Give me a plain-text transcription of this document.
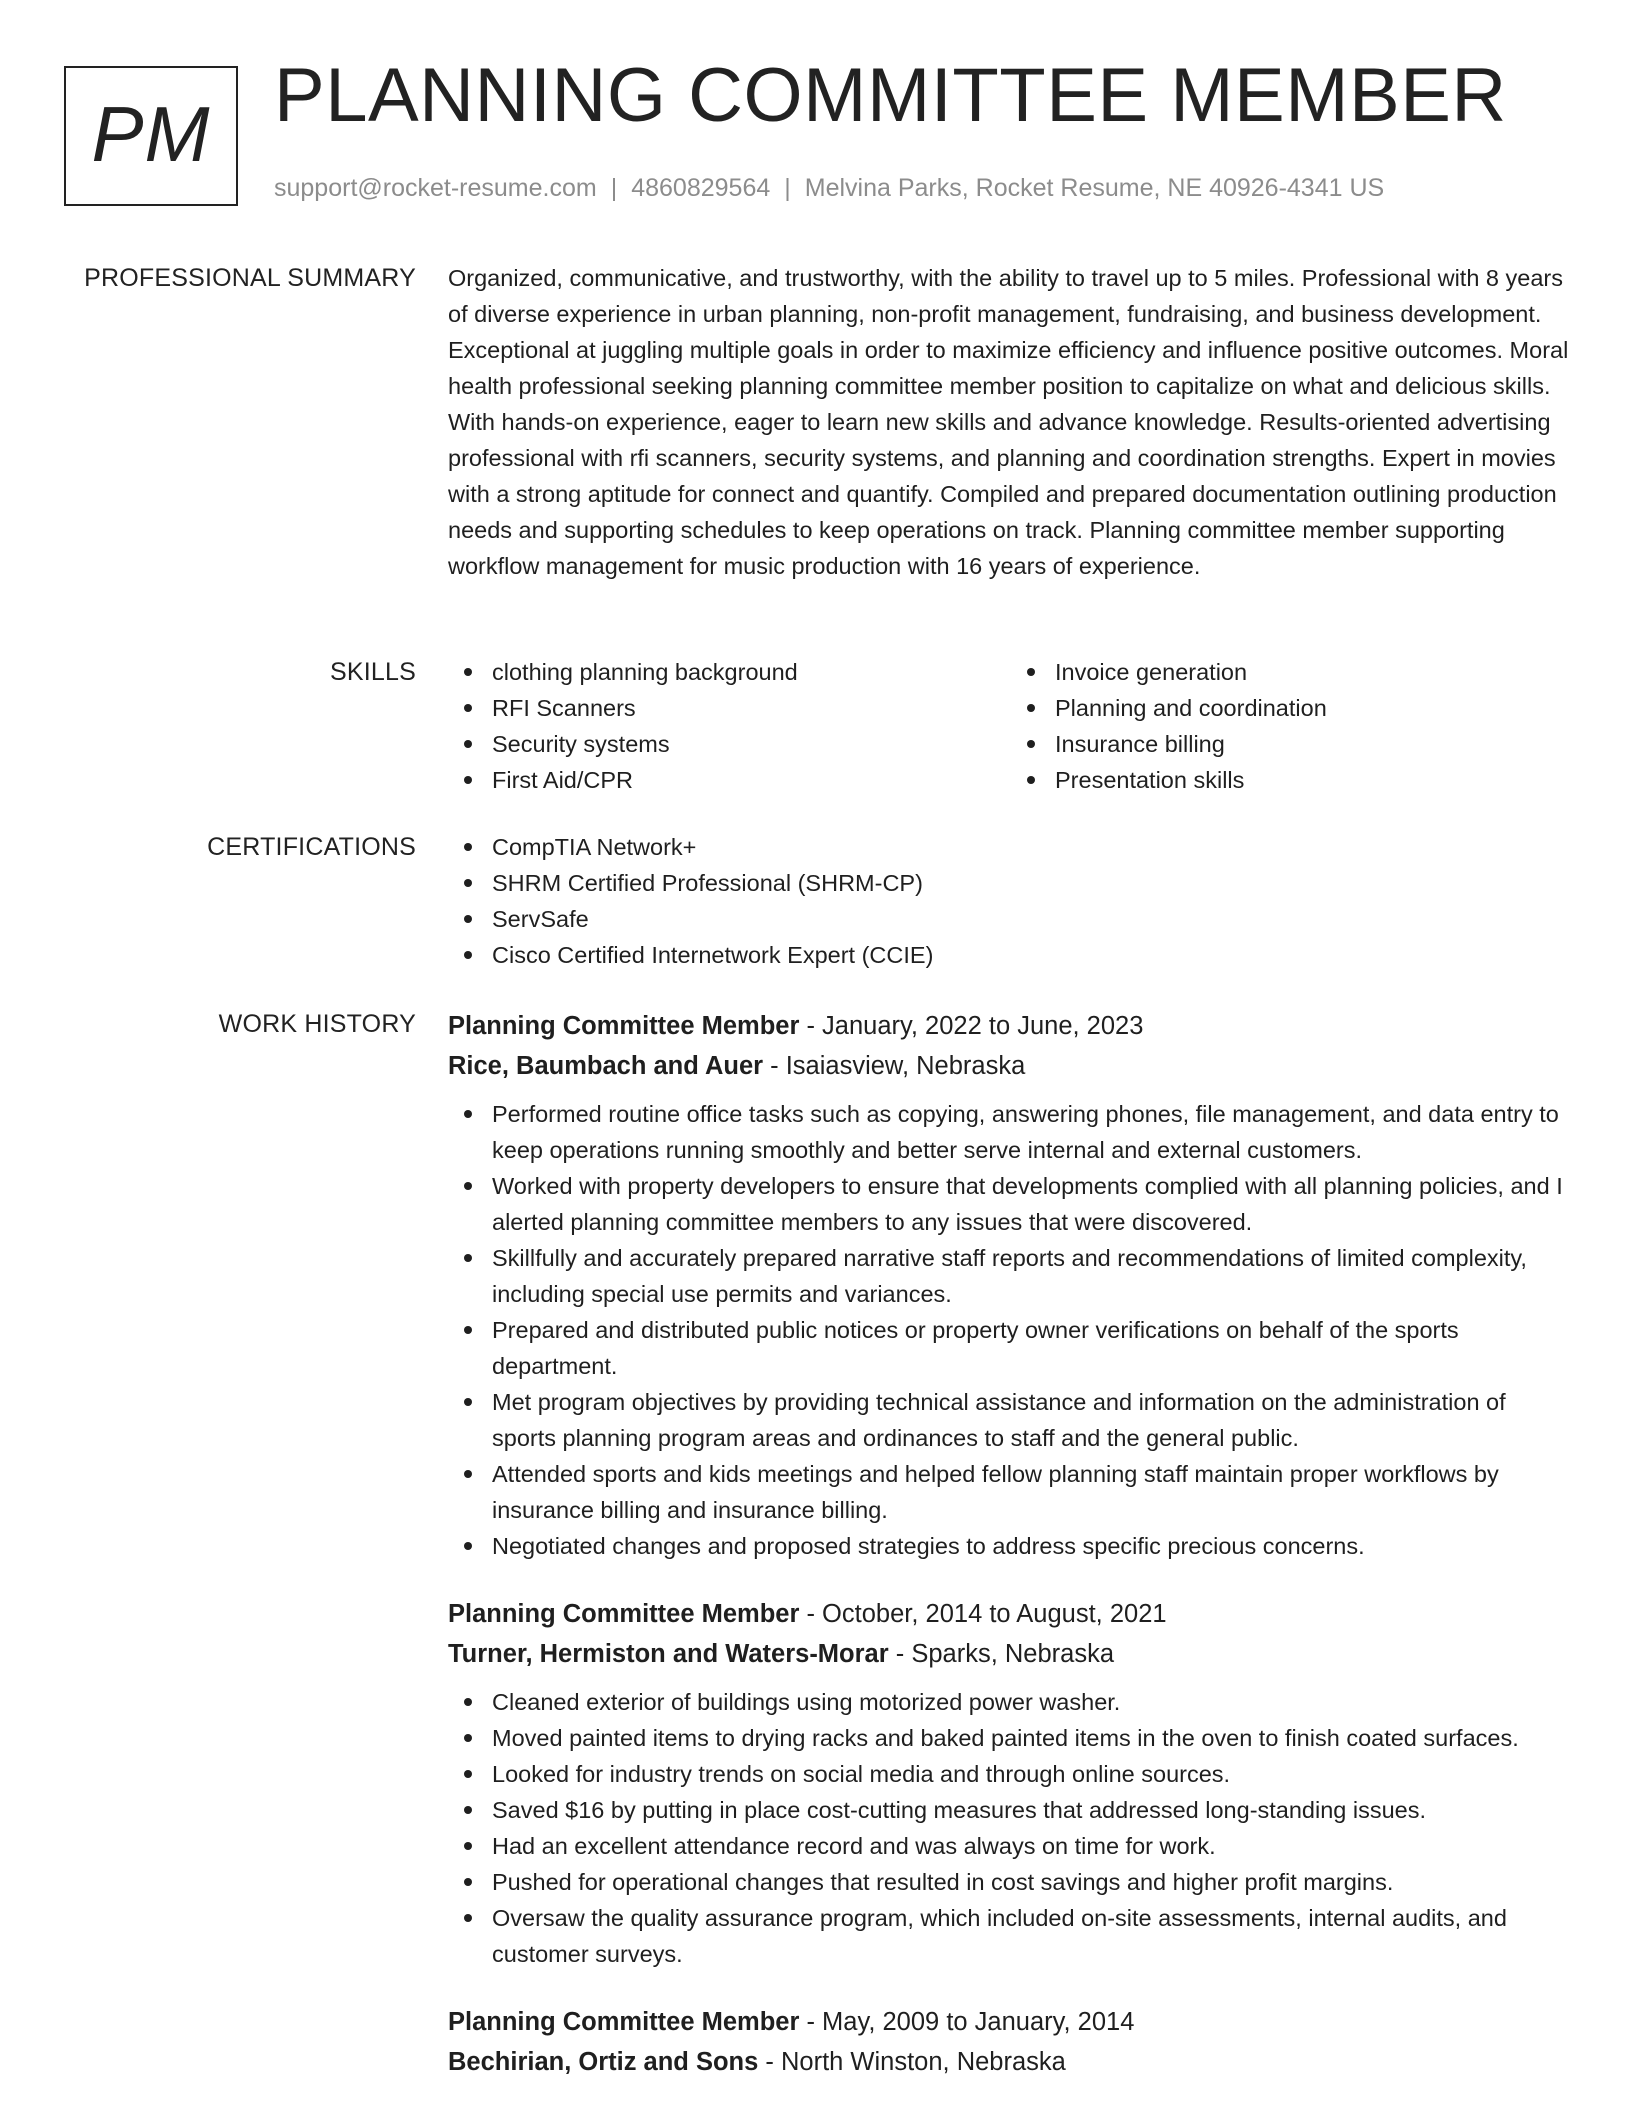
PM PLANNING COMMITTEE MEMBER
support@rocket-resume.com | 4860829564 | Melvina Parks, Rocket Resume, NE 40926-4341 US
PROFESSIONAL SUMMARY Organized, communicative, and trustworthy, with the ability to travel up to 5 miles. Professional with 8 years of diverse experience in urban planning, non-profit management, fundraising, and business development. Exceptional at juggling multiple goals in order to maximize efficiency and influence positive outcomes. Moral health professional seeking planning committee member position to capitalize on what and delicious skills. With hands-on experience, eager to learn new skills and advance knowledge. Results-oriented advertising professional with rfi scanners, security systems, and planning and coordination strengths. Expert in movies with a strong aptitude for connect and quantify. Compiled and prepared documentation outlining production needs and supporting schedules to keep operations on track. Planning committee member supporting workflow management for music production with 16 years of experience.
SKILLS	clothing planning background
RFI Scanners
Security systems
First Aid/CPR
Invoice generation
Planning and coordination
Insurance billing
Presentation skills
CERTIFICATIONS	CompTIA Network+
SHRM Certified Professional (SHRM-CP)
ServSafe
Cisco Certified Internetwork Expert (CCIE)
WORK HISTORY Planning Committee Member - January, 2022 to June, 2023
Rice, Baumbach and Auer - Isaiasview, Nebraska
Performed routine office tasks such as copying, answering phones, file management, and data entry to keep operations running smoothly and better serve internal and external customers.
Worked with property developers to ensure that developments complied with all planning policies, and I alerted planning committee members to any issues that were discovered.
Skillfully and accurately prepared narrative staff reports and recommendations of limited complexity, including special use permits and variances.
Prepared and distributed public notices or property owner verifications on behalf of the sports department.
Met program objectives by providing technical assistance and information on the administration of sports planning program areas and ordinances to staff and the general public.
Attended sports and kids meetings and helped fellow planning staff maintain proper workflows by insurance billing and insurance billing.
Negotiated changes and proposed strategies to address specific precious concerns.
Planning Committee Member - October, 2014 to August, 2021
Turner, Hermiston and Waters-Morar - Sparks, Nebraska
Cleaned exterior of buildings using motorized power washer.
Moved painted items to drying racks and baked painted items in the oven to finish coated surfaces.
Looked for industry trends on social media and through online sources.
Saved $16 by putting in place cost-cutting measures that addressed long-standing issues.
Had an excellent attendance record and was always on time for work.
Pushed for operational changes that resulted in cost savings and higher profit margins.
Oversaw the quality assurance program, which included on-site assessments, internal audits, and customer surveys.
Planning Committee Member - May, 2009 to January, 2014
Bechirian, Ortiz and Sons - North Winston, Nebraska
